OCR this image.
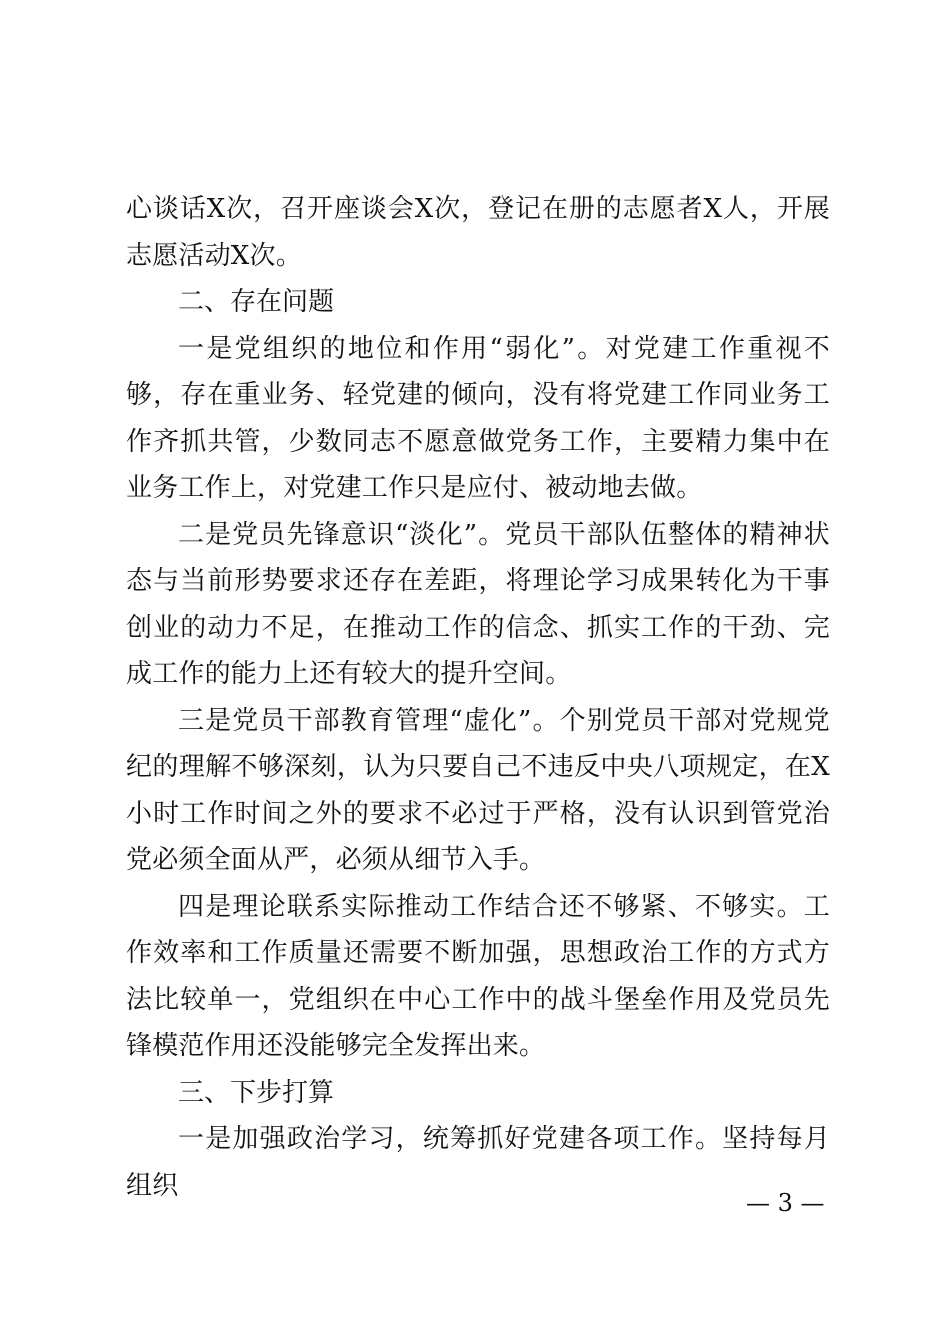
心谈话X次，召开座谈会X次，登记在册的志愿者X人，开展志愿活动X次。

二、存在问题

一是党组织的地位和作用“弱化”。对党建工作重视不够，存在重业务、轻党建的倾向，没有将党建工作同业务工作齐抓共管，少数同志不愿意做党务工作，主要精力集中在业务工作上，对党建工作只是应付、被动地去做。

二是党员先锋意识“淡化”。党员干部队伍整体的精神状态与当前形势要求还存在差距，将理论学习成果转化为干事创业的动力不足，在推动工作的信念、抓实工作的干劲、完成工作的能力上还有较大的提升空间。

三是党员干部教育管理“虚化”。个别党员干部对党规党纪的理解不够深刻，认为只要自己不违反中央八项规定，在X小时工作时间之外的要求不必过于严格，没有认识到管党治党必须全面从严，必须从细节入手。

四是理论联系实际推动工作结合还不够紧、不够实。工作效率和工作质量还需要不断加强，思想政治工作的方式方法比较单一，党组织在中心工作中的战斗堡垒作用及党员先锋模范作用还没能够完全发挥出来。

三、下步打算

一是加强政治学习，统筹抓好党建各项工作。坚持每月组织

— 3 —
